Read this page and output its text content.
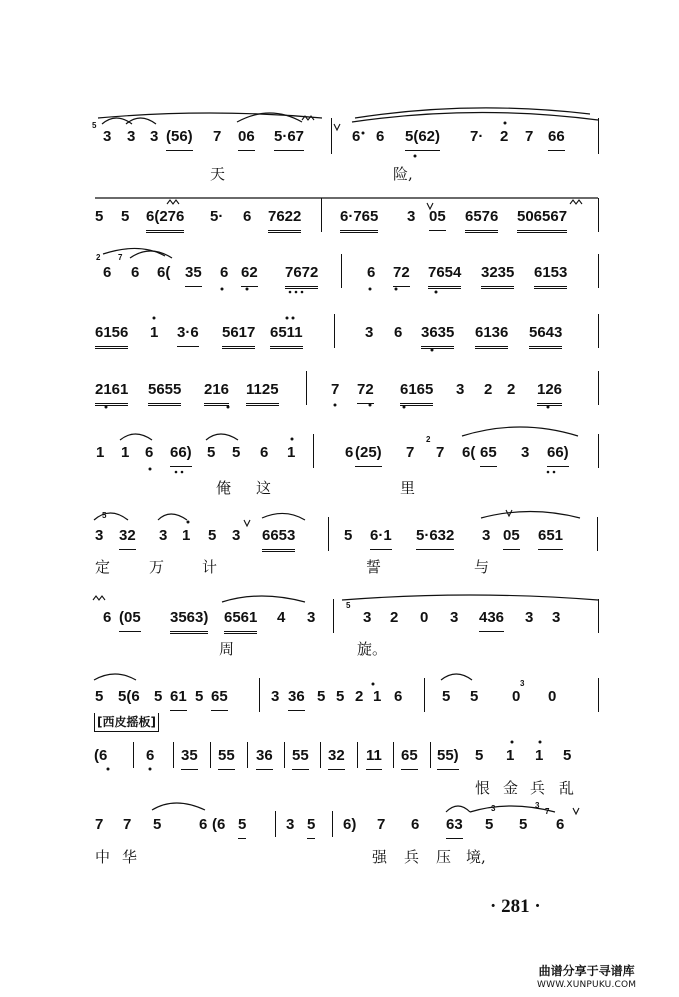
3 3 3 (56) 7 06 5·67	6 6 5(62) 7· 2 7 66
天	险,
5 5 6(276 5· 6 7622	6·765 3 05 6576 506567
6 6 6( 35 6 62 7672	6 72 7654 3235 6153
6156 1 3·6 5617 6511	3 6 3635 6136 5643
2161 5655 216 1125	7 72 6165 3 2 2 126
1 1 6 66) 5 5 6 1	6 (25) 7 7 6( 65 3 66)
俺 这	里
3 32 3 1 5 3 6653	5 6·1 5·632 3 05 651
定	万	计	誓	与
6 (05 3563) 6561 4 3	3 2 0 3 436 3 3
周	旋。
5 5(6 5 61 5 65	3 36 5 5 2 1 6	5 5 0 0
[西皮摇板]
(6	6 35 55 36 55 32 11 65 55) 5 1 1 5
恨 金 兵 乱
7 7 5	6 (6 5	3 5 6) 7 6 63 5 5 6
中 华	强 兵 压 境,
5
5
5
2 7
2
3
3
3	7
· 281 ·
曲谱分享于寻谱库
WWW.XUNPUKU.COM
